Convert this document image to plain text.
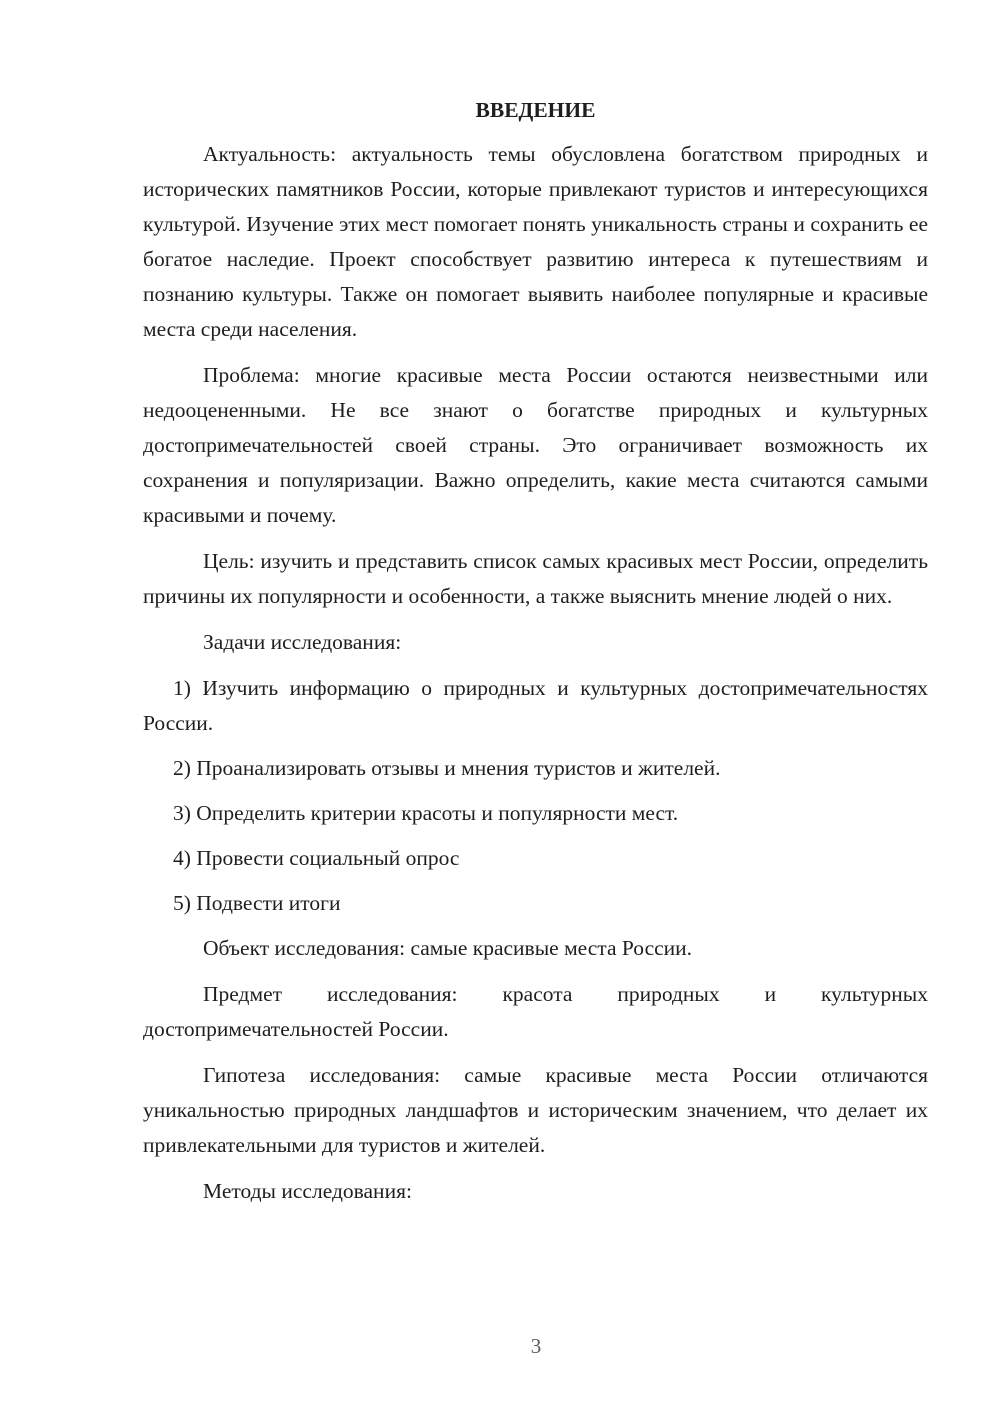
ВВЕДЕНИЕ

Актуальность: актуальность темы обусловлена богатством природных и исторических памятников России, которые привлекают туристов и интересующихся культурой. Изучение этих мест помогает понять уникальность страны и сохранить ее богатое наследие. Проект способствует развитию интереса к путешествиям и познанию культуры. Также он помогает выявить наиболее популярные и красивые места среди населения.

Проблема: многие красивые места России остаются неизвестными или недооцененными. Не все знают о богатстве природных и культурных достопримечательностей своей страны. Это ограничивает возможность их сохранения и популяризации. Важно определить, какие места считаются самыми красивыми и почему.

Цель: изучить и представить список самых красивых мест России, определить причины их популярности и особенности, а также выяснить мнение людей о них.

Задачи исследования:

1) Изучить информацию о природных и культурных достопримечательностях России.

2) Проанализировать отзывы и мнения туристов и жителей.

3) Определить критерии красоты и популярности мест.

4) Провести социальный опрос

5) Подвести итоги

Объект исследования: самые красивые места России.

Предмет исследования: красота природных и культурных достопримечательностей России.

Гипотеза исследования: самые красивые места России отличаются уникальностью природных ландшафтов и историческим значением, что делает их привлекательными для туристов и жителей.

Методы исследования:

3
